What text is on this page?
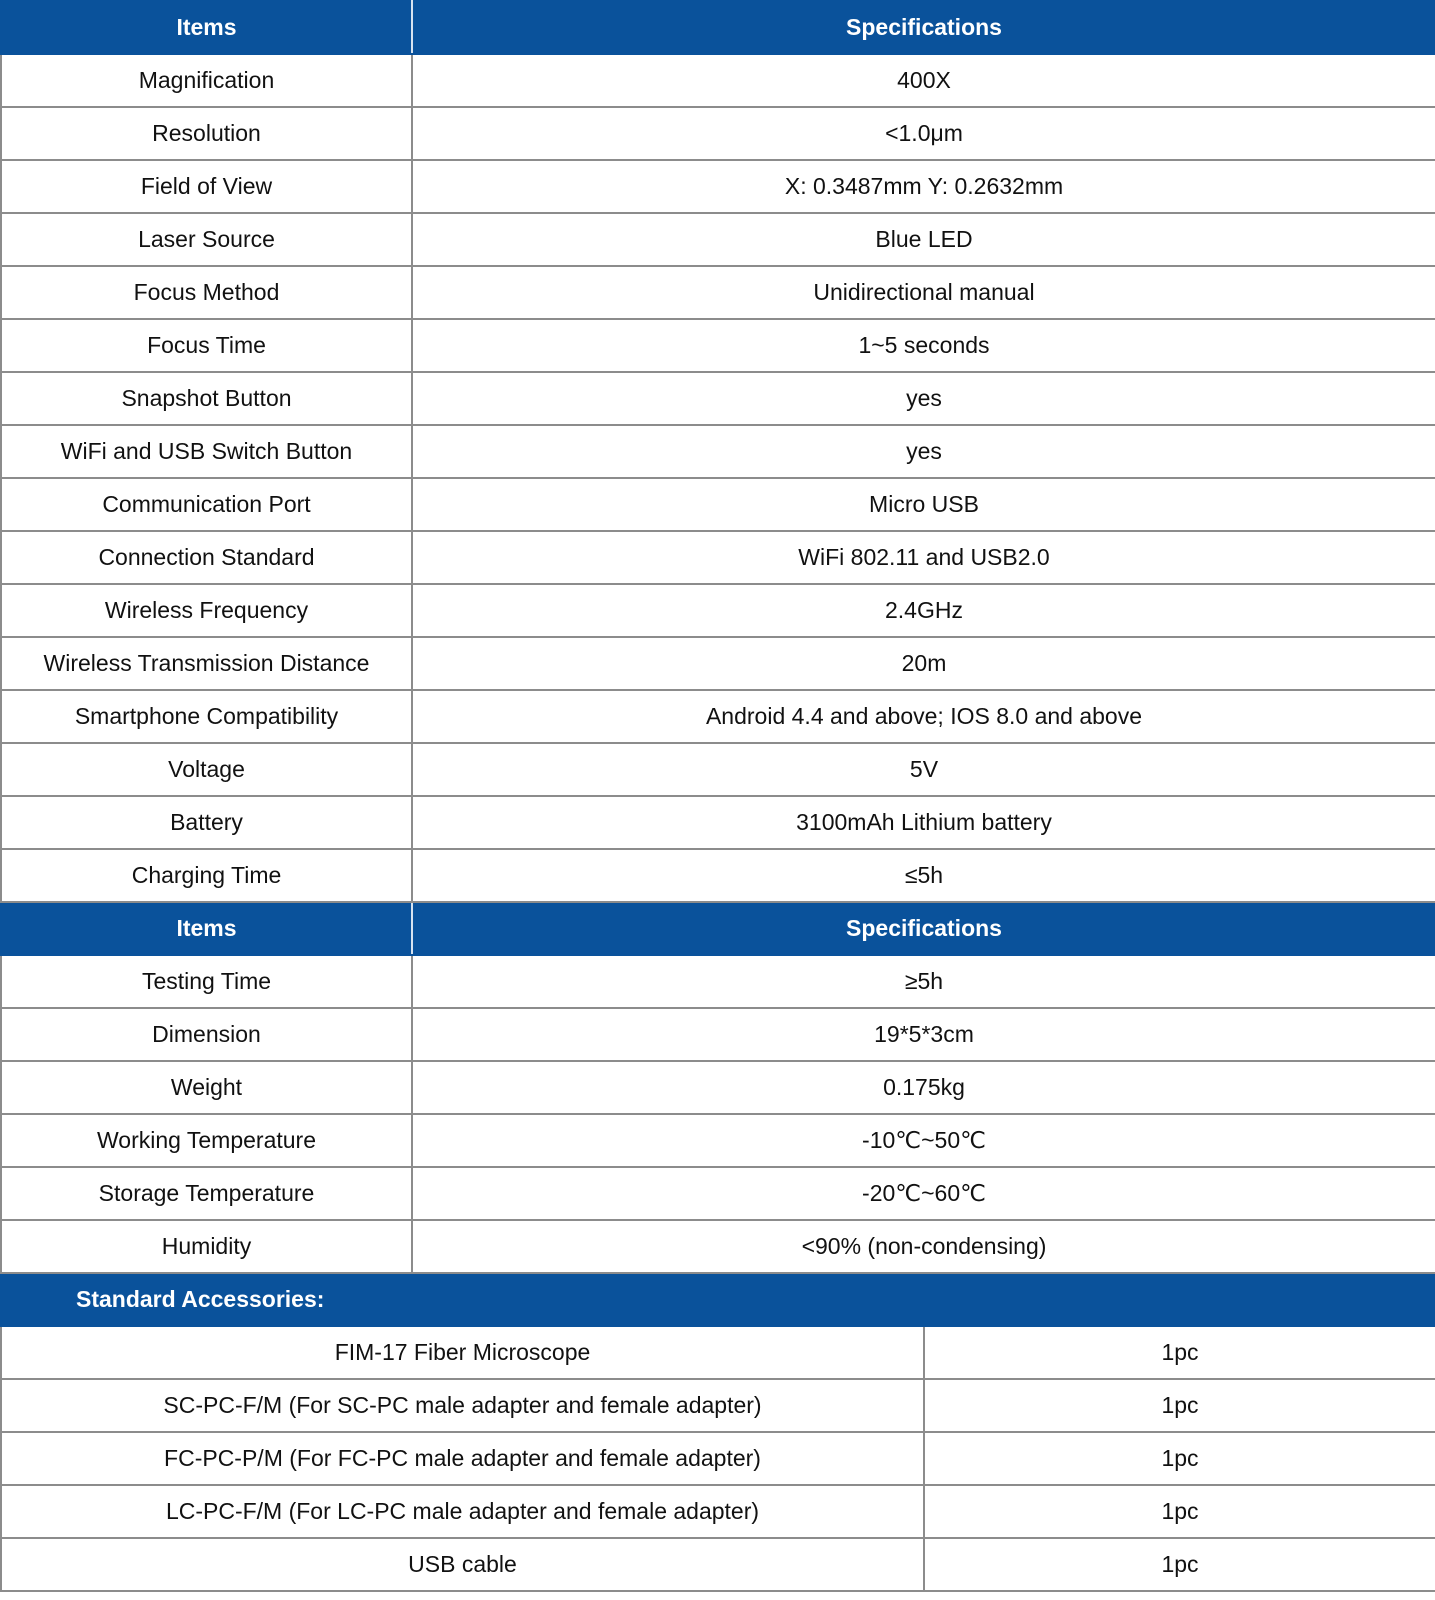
Items	Specifications	
Magnification	400X	
Resolution	<1.0μm	
Field of View	X: 0.3487mm Y: 0.2632mm	
Laser Source	Blue LED	
Focus Method	Unidirectional manual	
Focus Time	1~5 seconds	
Snapshot Button	yes	
WiFi and USB Switch Button	yes	
Communication Port	Micro USB	
Connection Standard	WiFi 802.11 and USB2.0	
Wireless Frequency	2.4GHz	
Wireless Transmission Distance	20m	
Smartphone Compatibility	Android 4.4 and above; IOS 8.0 and above	
Voltage	5V	
Battery	3100mAh Lithium battery	
Charging Time	≤5h	
Items	Specifications	
Testing Time	≥5h	
Dimension	19*5*3cm	
Weight	0.175kg	
Working Temperature	-10℃~50℃	
Storage Temperature	-20℃~60℃	
Humidity	<90% (non-condensing)	
Standard Accessories:		
FIM-17 Fiber Microscope		1pc
SC-PC-F/M (For SC-PC male adapter and female adapter)		1pc
FC-PC-P/M (For FC-PC male adapter and female adapter)		1pc
LC-PC-F/M (For LC-PC male adapter and female adapter)		1pc
USB cable		1pc
